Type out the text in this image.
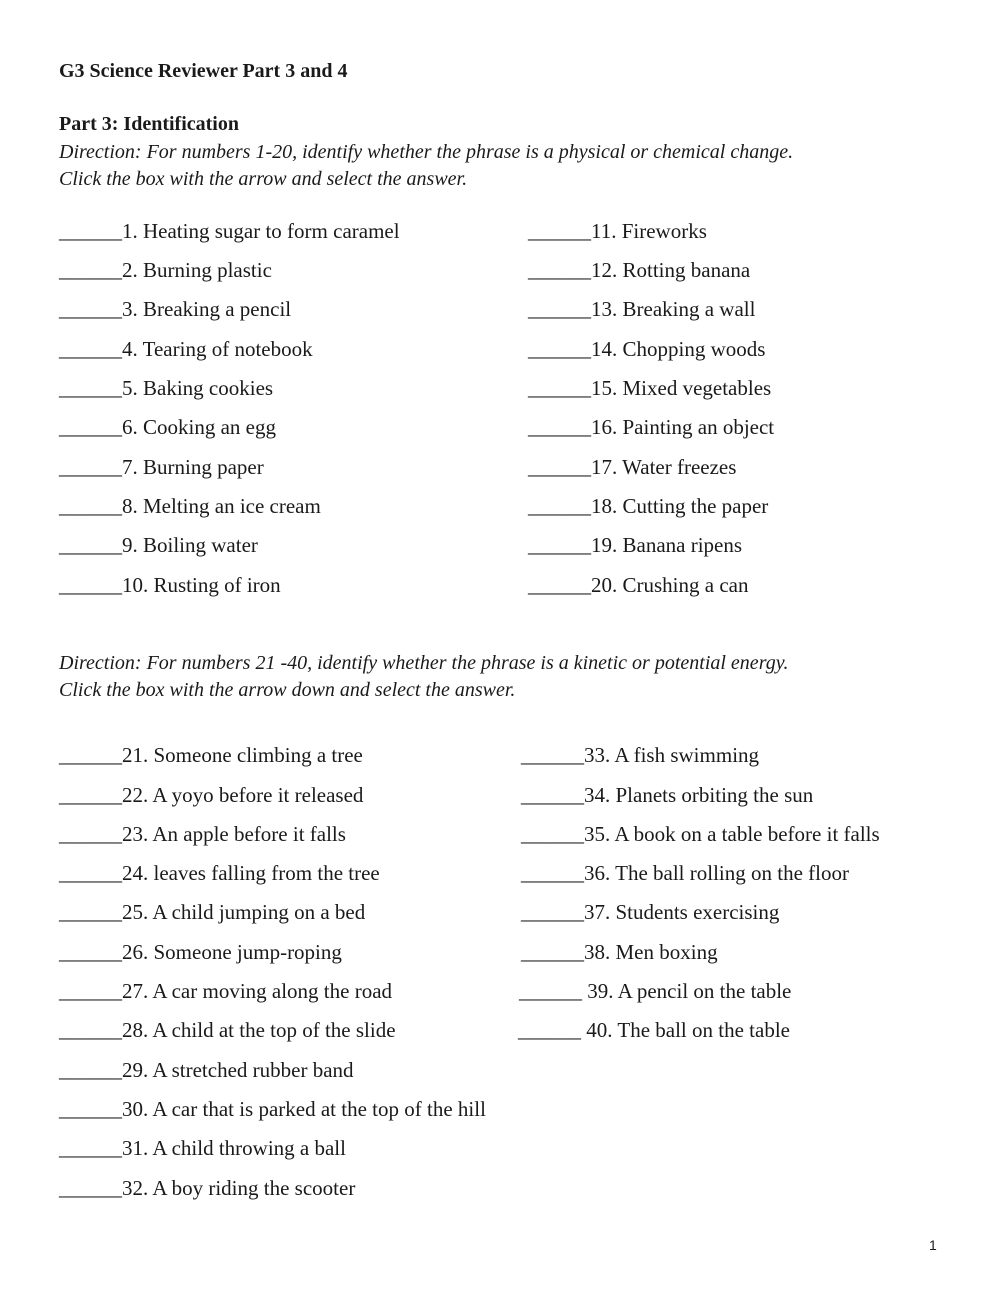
G3 Science Reviewer Part 3 and 4
Part 3: Identification
Direction: For numbers 1-20, identify whether the phrase is a physical or chemical change.
Click the box with the arrow and select the answer.
______1. Heating sugar to form caramel
______2. Burning plastic
______3. Breaking a pencil
______4. Tearing of notebook
______5. Baking cookies
______6. Cooking an egg
______7. Burning paper
______8. Melting an ice cream
______9. Boiling water
______10. Rusting of iron
______11. Fireworks
______12. Rotting banana
______13. Breaking a wall
______14. Chopping woods
______15. Mixed vegetables
______16. Painting an object
______17. Water freezes
______18. Cutting the paper
______19. Banana ripens
______20. Crushing a can
Direction: For numbers 21 -40, identify whether the phrase is a kinetic or potential energy.
Click the box with the arrow down and select the answer.
______21. Someone climbing a tree
______22. A yoyo before it released
______23. An apple before it falls
______24. leaves falling from the tree
______25. A child jumping on a bed
______26. Someone jump-roping
______27. A car moving along the road
______28. A child at the top of the slide
______29. A stretched rubber band
______30. A car that is parked at the top of the hill
______31. A child throwing a ball
______32. A boy riding the scooter
______33. A fish swimming
______34. Planets orbiting the sun
______35. A book on a table before it falls
______36. The ball rolling on the floor
______37. Students exercising
______38. Men boxing
______ 39. A pencil on the table
______ 40. The ball on the table
1
